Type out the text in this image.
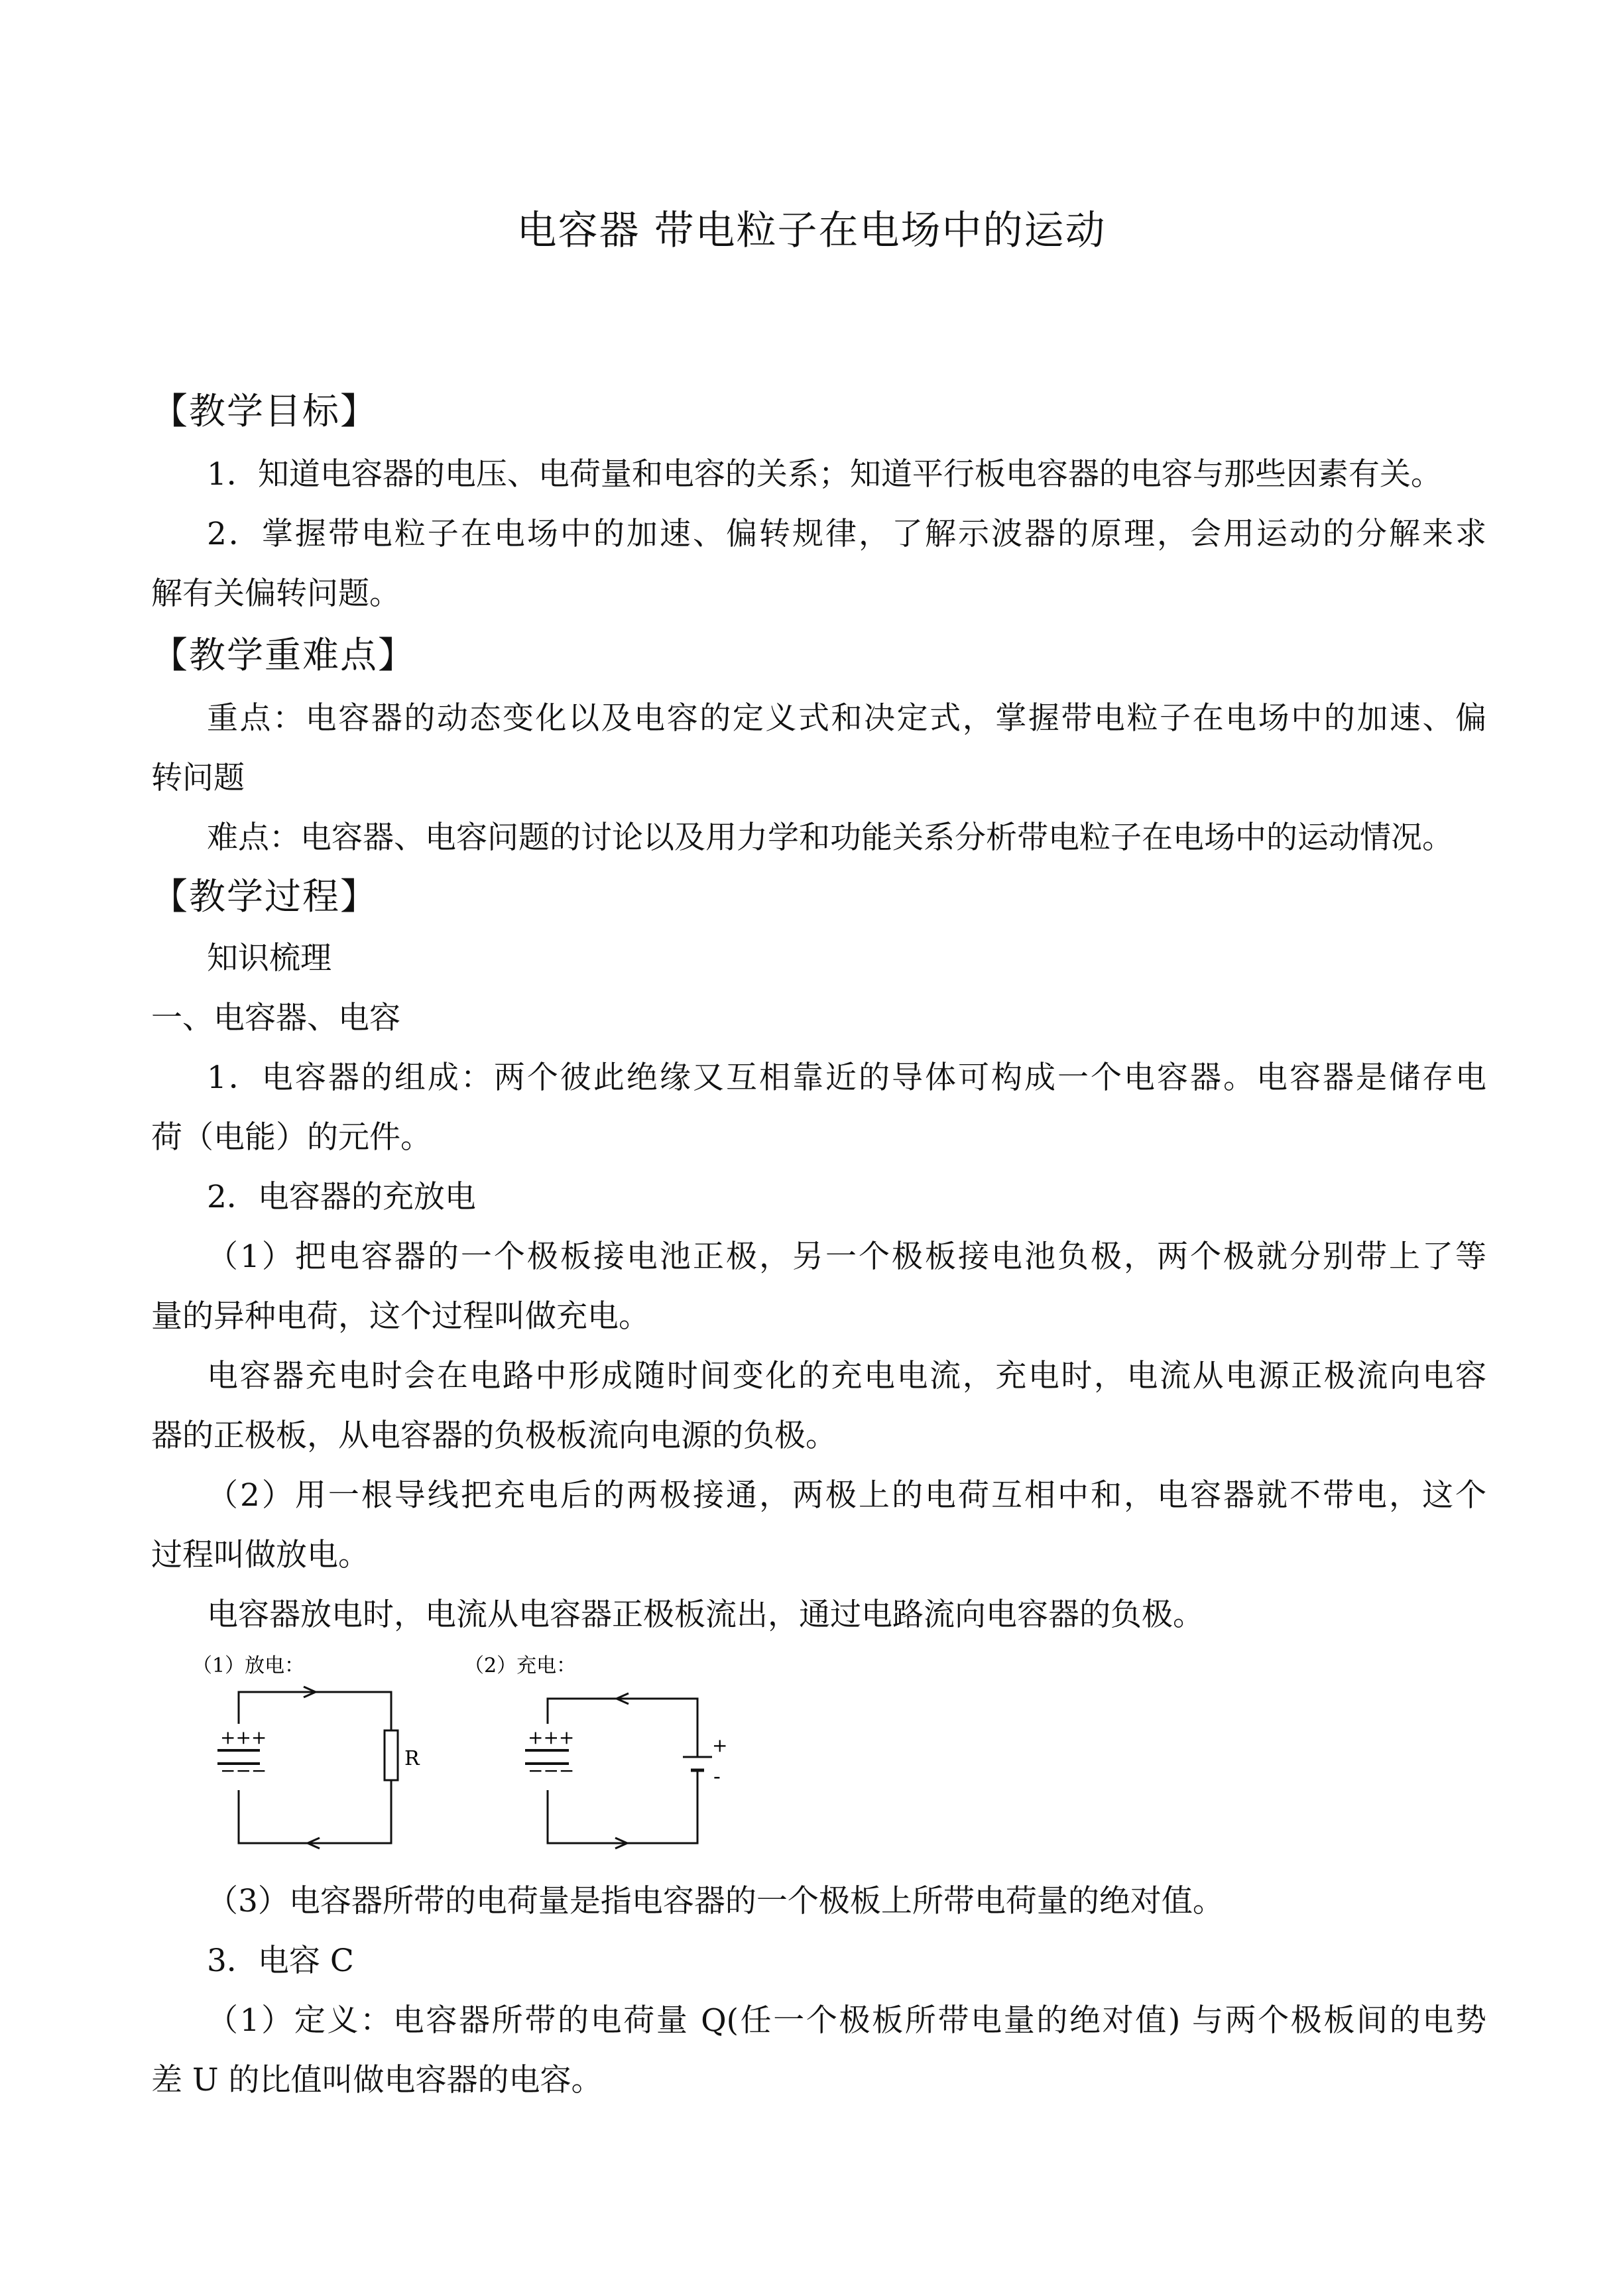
电容器 带电粒子在电场中的运动
【教学目标】
1．知道电容器的电压、电荷量和电容的关系；知道平行板电容器的电容与那些因素有关。
2．掌握带电粒子在电场中的加速、偏转规律，了解示波器的原理，会用运动的分解来求
解有关偏转问题。
【教学重难点】
重点：电容器的动态变化以及电容的定义式和决定式，掌握带电粒子在电场中的加速、偏
转问题
难点：电容器、电容问题的讨论以及用力学和功能关系分析带电粒子在电场中的运动情况。
【教学过程】
知识梳理
一、电容器、电容
1．电容器的组成：两个彼此绝缘又互相靠近的导体可构成一个电容器。电容器是储存电
荷（电能）的元件。
2．电容器的充放电
（1）把电容器的一个极板接电池正极，另一个极板接电池负极，两个极就分别带上了等
量的异种电荷，这个过程叫做充电。
电容器充电时会在电路中形成随时间变化的充电电流，充电时，电流从电源正极流向电容
器的正极板，从电容器的负极板流向电源的负极。
（2）用一根导线把充电后的两极接通，两极上的电荷互相中和，电容器就不带电，这个
过程叫做放电。
电容器放电时，电流从电容器正极板流出，通过电路流向电容器的负极。
（1）放电：
R
+++
−−−
（2）充电：
+
-
+++
−−−
（3）电容器所带的电荷量是指电容器的一个极板上所带电荷量的绝对值。
3．电容 C
（1）定义：电容器所带的电荷量 Q(任一个极板所带电量的绝对值) 与两个极板间的电势
差 U 的比值叫做电容器的电容。
